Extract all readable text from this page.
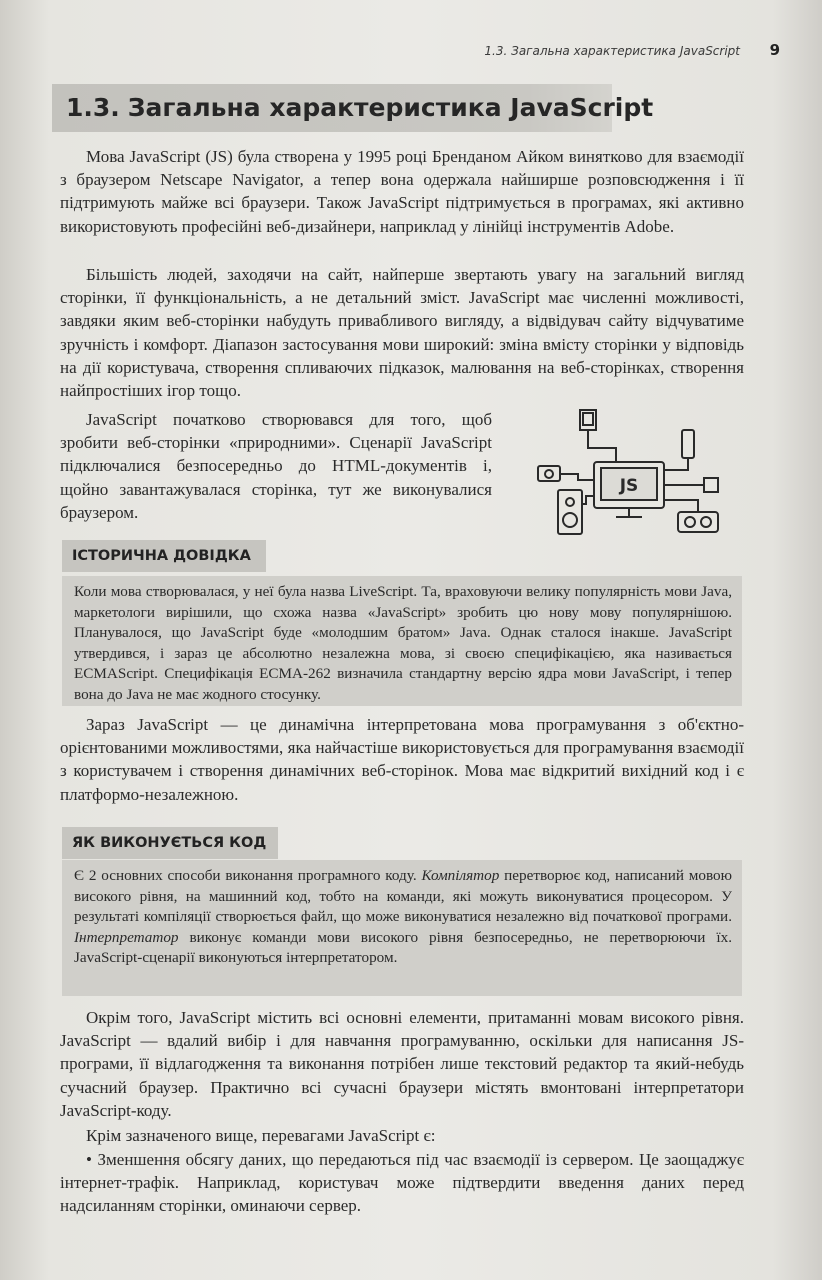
1.3. Загальна характеристика JavaScript 9
1.3. Загальна характеристика JavaScript

Мова JavaScript (JS) була створена у 1995 році Бренданом Айком винятково для взаємодії з браузером Netscape Navigator, а тепер вона одержала найширше розповсюдження і її підтримують майже всі браузери. Також JavaScript підтримується в програмах, які активно використовують професійні веб-дизайнери, наприклад у лінійці інструментів Adobe.

Більшість людей, заходячи на сайт, найперше звертають увагу на загальний вигляд сторінки, її функціональність, а не детальний зміст. JavaScript має численні можливості, завдяки яким веб-сторінки набудуть привабливого вигляду, а відвідувач сайту відчуватиме зручність і комфорт. Діапазон застосування мови широкий: зміна вмісту сторінки у відповідь на дії користувача, створення спливаючих підказок, малювання на веб-сторінках, створення найпростіших ігор тощо.

JavaScript початково створювався для того, щоб зробити веб-сторінки «природними». Сценарії JavaScript підключалися безпосередньо до HTML-документів і, щойно завантажувалася сторінка, тут же виконувалися браузером.

JS
ІСТОРИЧНА ДОВІДКА

Коли мова створювалася, у неї була назва LiveScript. Та, враховуючи велику популярність мови Java, маркетологи вирішили, що схожа назва «JavaScript» зробить цю нову мову популярнішою. Планувалося, що JavaScript буде «молодшим братом» Java. Однак сталося інакше. JavaScript утвердився, і зараз це абсолютно незалежна мова, зі своєю специфікацією, яка називається ECMAScript. Специфікація ECMA-262 визначила стандартну версію ядра мови JavaScript, і тепер вона до Java не має жодного стосунку.

Зараз JavaScript — це динамічна інтерпретована мова програмування з об'єктно-орієнтованими можливостями, яка найчастіше використовується для програмування взаємодії з користувачем і створення динамічних веб-сторінок. Мова має відкритий вихідний код і є платформо-незалежною.

ЯК ВИКОНУЄТЬСЯ КОД

Є 2 основних способи виконання програмного коду. Компілятор перетворює код, написаний мовою високого рівня, на машинний код, тобто на команди, які можуть виконуватися процесором. У результаті компіляції створюється файл, що може виконуватися незалежно від початкової програми. Інтерпретатор виконує команди мови високого рівня безпосередньо, не перетворюючи їх. JavaScript-сценарії виконуються інтерпретатором.

Окрім того, JavaScript містить всі основні елементи, притаманні мовам високого рівня. JavaScript — вдалий вибір і для навчання програмуванню, оскільки для написання JS-програми, її відлагодження та виконання потрібен лише текстовий редактор та який-небудь сучасний браузер. Практично всі сучасні браузери містять вмонтовані інтерпретатори JavaScript-коду.

Крім зазначеного вище, перевагами JavaScript є:

• Зменшення обсягу даних, що передаються під час взаємодії із сервером. Це заощаджує інтернет-трафік. Наприклад, користувач може підтвердити введення даних перед надсиланням сторінки, оминаючи сервер.
